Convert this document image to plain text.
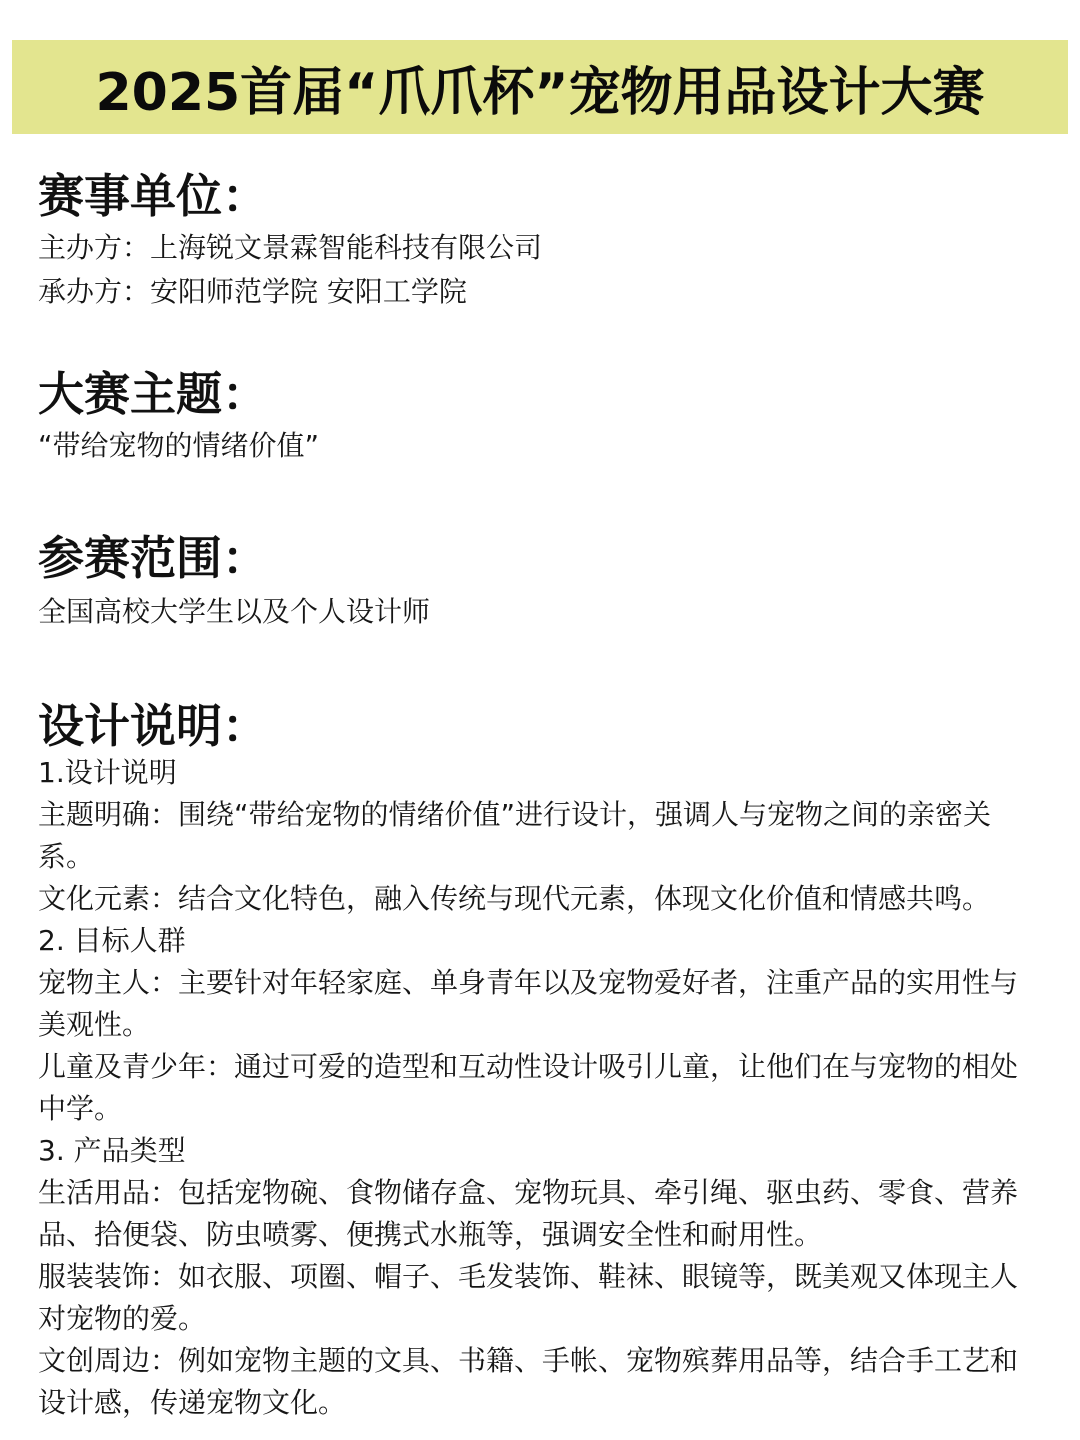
2025首届“爪爪杯”宠物用品设计大赛
赛事单位：
主办方：上海锐文景霖智能科技有限公司
承办方：安阳师范学院 安阳工学院
大赛主题：
“带给宠物的情绪价值”
参赛范围：
全国高校大学生以及个人设计师
设计说明：

1.设计说明

主题明确：围绕“带给宠物的情绪价值”进行设计，强调人与宠物之间的亲密关系。

文化元素：结合文化特色，融入传统与现代元素，体现文化价值和情感共鸣。

2. 目标人群

宠物主人：主要针对年轻家庭、单身青年以及宠物爱好者，注重产品的实用性与美观性。

儿童及青少年：通过可爱的造型和互动性设计吸引儿童，让他们在与宠物的相处中学。

3. 产品类型

生活用品：包括宠物碗、食物储存盒、宠物玩具、牵引绳、驱虫药、零食、营养 品、拾便袋、防虫喷雾、便携式水瓶等，强调安全性和耐用性。

服装装饰：如衣服、项圈、帽子、毛发装饰、鞋袜、眼镜等，既美观又体现主人 对宠物的爱。

文创周边：例如宠物主题的文具、书籍、手帐、宠物殡葬用品等，结合手工艺和设计感，传递宠物文化。
